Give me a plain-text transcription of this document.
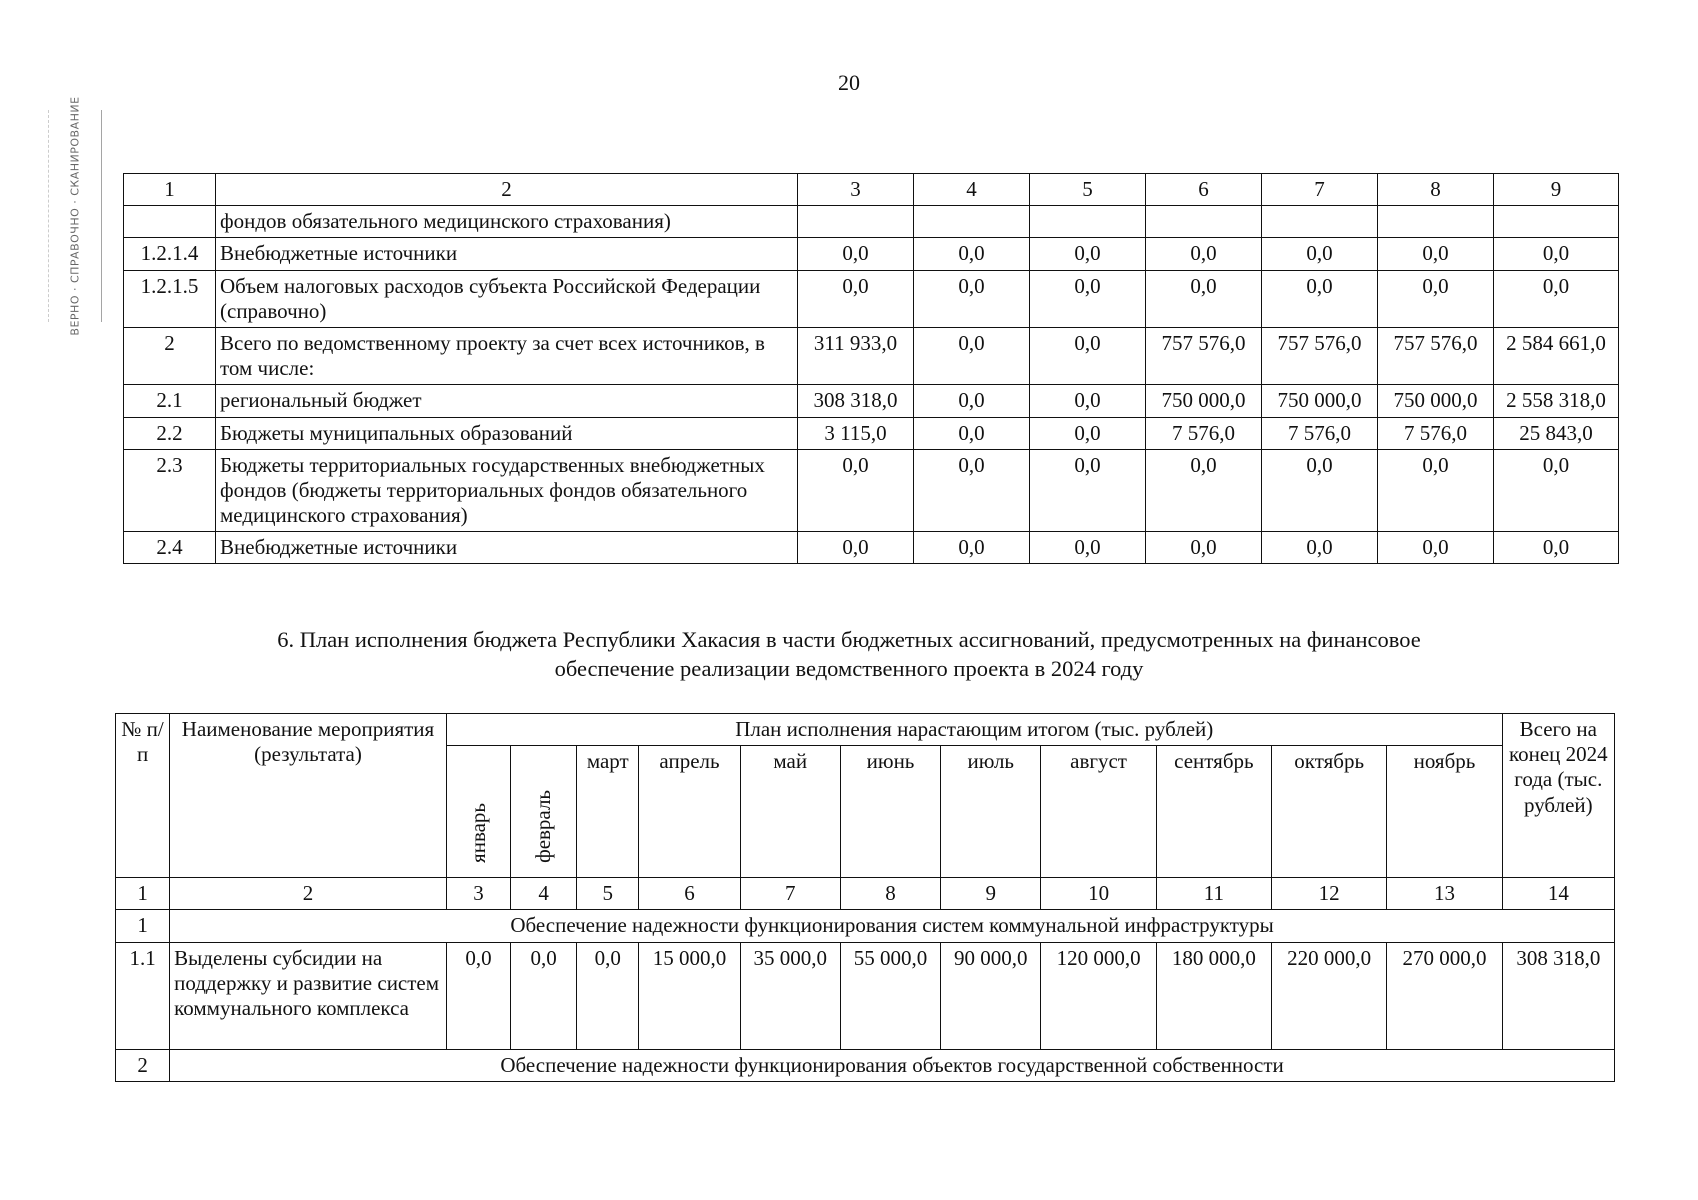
20
ВЕРНО · СПРАВОЧНО · СКАНИРОВАНИЕ	1	2	3	4	5	6	7	8	9
	фондов обязательного медицинского страхования)							
1.2.1.4	Внебюджетные источники	0,0	0,0	0,0	0,0	0,0	0,0	0,0
1.2.1.5	Объем налоговых расходов субъекта Российской Федерации (справочно)	0,0	0,0	0,0	0,0	0,0	0,0	0,0
2	Всего по ведомственному проекту за счет всех источников, в том числе:	311 933,0	0,0	0,0	757 576,0	757 576,0	757 576,0	2 584 661,0
2.1	региональный бюджет	308 318,0	0,0	0,0	750 000,0	750 000,0	750 000,0	2 558 318,0
2.2	Бюджеты муниципальных образований	3 115,0	0,0	0,0	7 576,0	7 576,0	7 576,0	25 843,0
2.3	Бюджеты территориальных государственных внебюджетных фондов (бюджеты территориальных фондов обязательного медицинского страхования)	0,0	0,0	0,0	0,0	0,0	0,0	0,0
2.4	Внебюджетные источники	0,0	0,0	0,0	0,0	0,0	0,0	0,0
6. План исполнения бюджета Республики Хакасия в части бюджетных ассигнований, предусмотренных на финансовое
обеспечение реализации ведомственного проекта в 2024 году
№ п/п	Наименование мероприятия (результата)	План исполнения нарастающим итогом (тыс. рублей)											Всего на конец 2024 года (тыс. рублей)
		январь	февраль	март	апрель	май	июнь	июль	август	сентябрь	октябрь	ноябрь	
1	2	3	4	5	6	7	8	9	10	11	12	13	14
1	Обеспечение надежности функционирования систем коммунальной инфраструктуры												
1.1	Выделены субсидии на поддержку и развитие систем коммунального комплекса	0,0	0,0	0,0	15 000,0	35 000,0	55 000,0	90 000,0	120 000,0	180 000,0	220 000,0	270 000,0	308 318,0
2	Обеспечение надежности функционирования объектов государственной собственности												
